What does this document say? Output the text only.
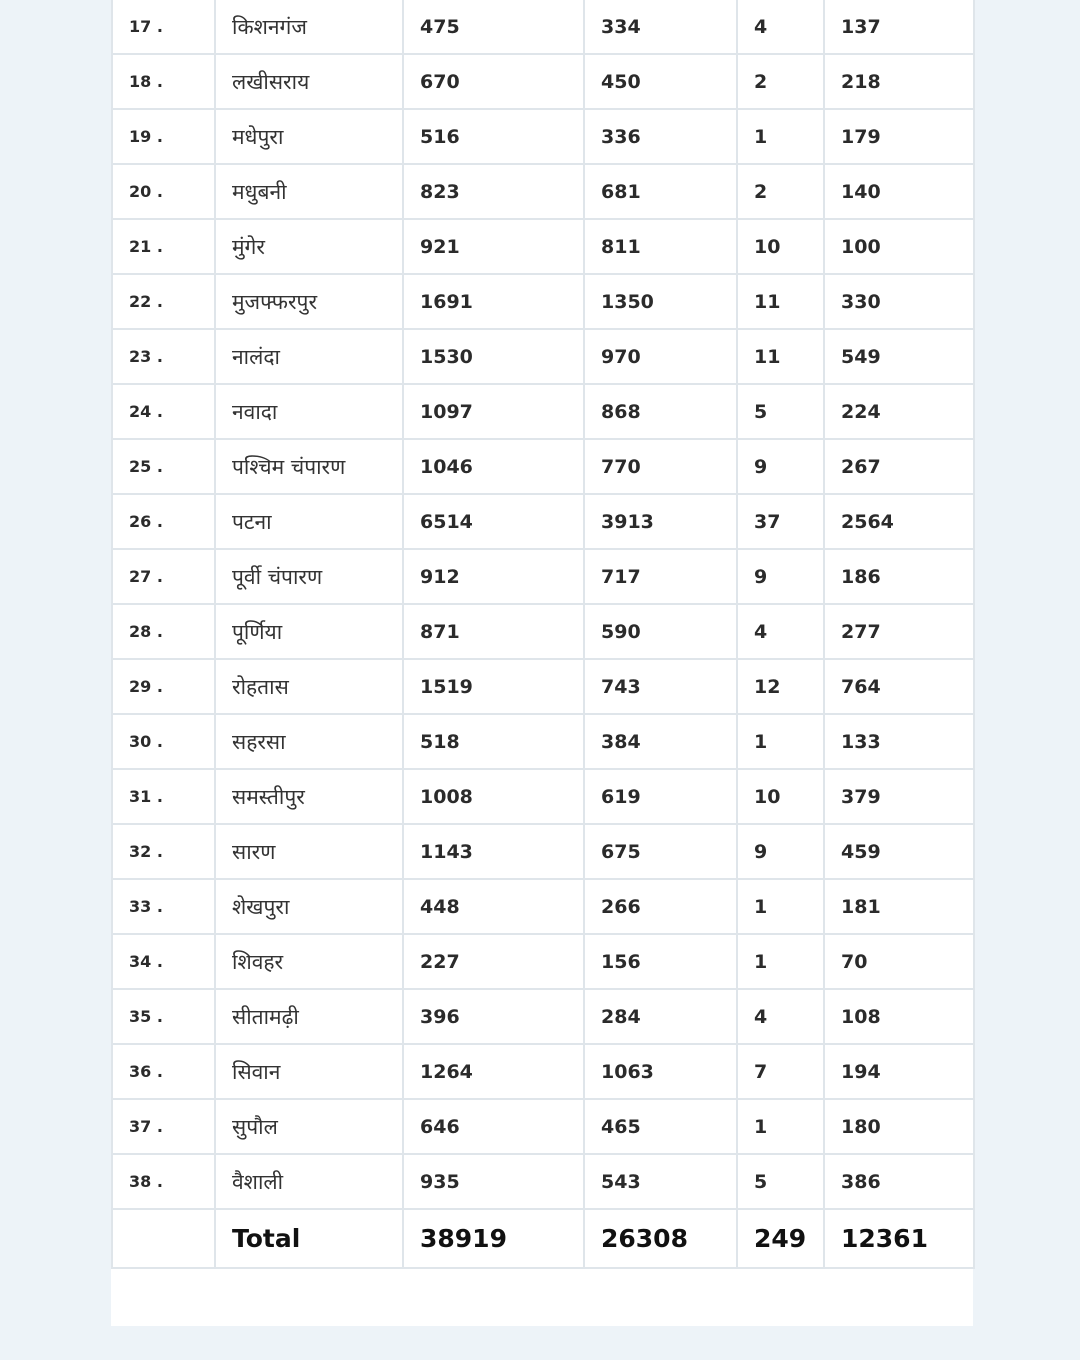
17 .	किशनगंज	475	334	4	137
18 .	लखीसराय	670	450	2	218
19 .	मधेपुरा	516	336	1	179
20 .	मधुबनी	823	681	2	140
21 .	मुंगेर	921	811	10	100
22 .	मुजफ्फरपुर	1691	1350	11	330
23 .	नालंदा	1530	970	11	549
24 .	नवादा	1097	868	5	224
25 .	पश्चिम चंपारण	1046	770	9	267
26 .	पटना	6514	3913	37	2564
27 .	पूर्वी चंपारण	912	717	9	186
28 .	पूर्णिया	871	590	4	277
29 .	रोहतास	1519	743	12	764
30 .	सहरसा	518	384	1	133
31 .	समस्तीपुर	1008	619	10	379
32 .	सारण	1143	675	9	459
33 .	शेखपुरा	448	266	1	181
34 .	शिवहर	227	156	1	70
35 .	सीतामढ़ी	396	284	4	108
36 .	सिवान	1264	1063	7	194
37 .	सुपौल	646	465	1	180
38 .	वैशाली	935	543	5	386
	Total	38919	26308	249	12361
